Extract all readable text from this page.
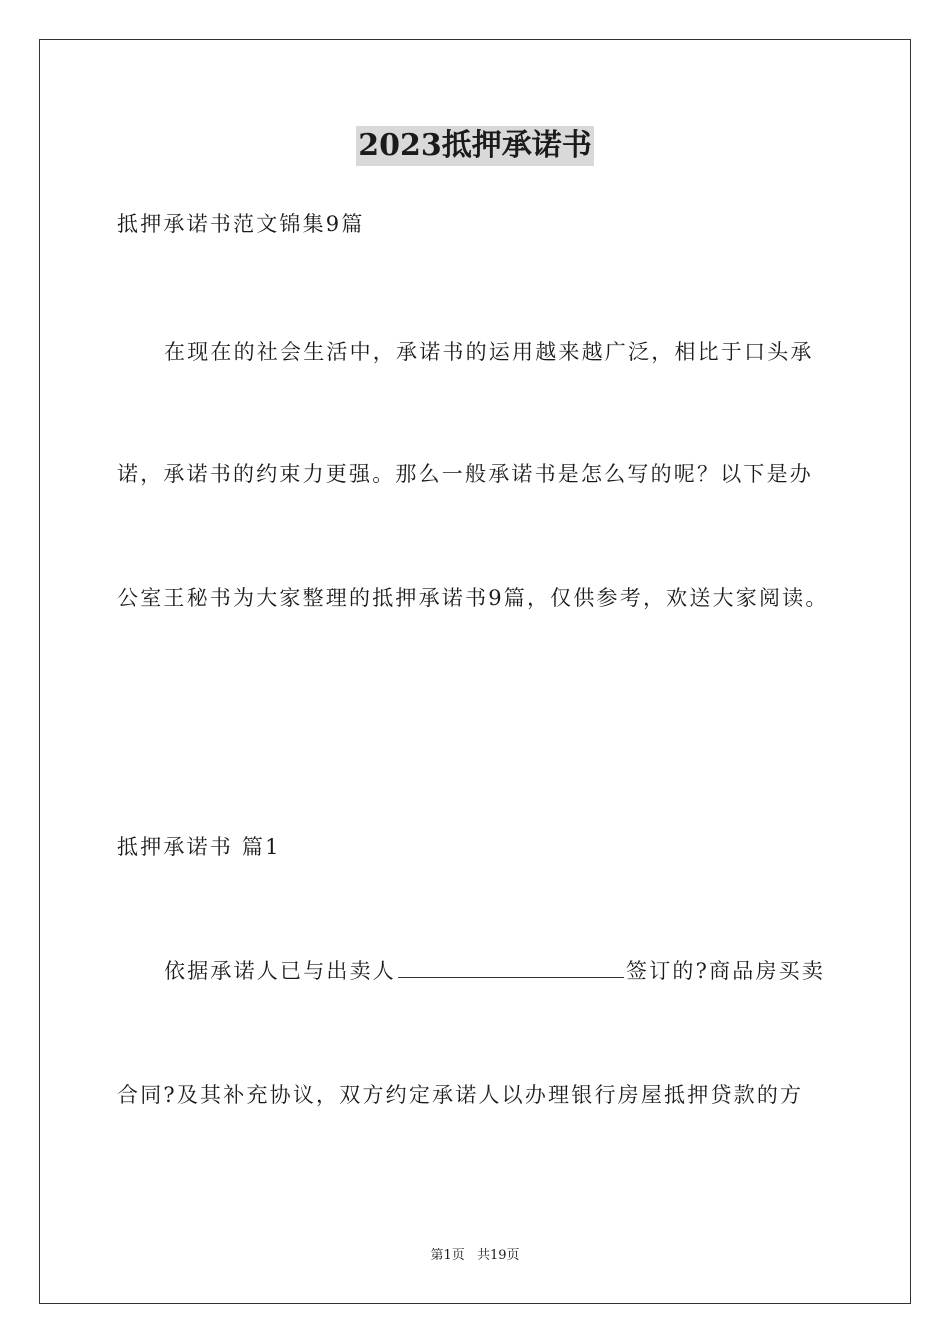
2023抵押承诺书
抵押承诺书范文锦集9篇
在现在的社会生活中，承诺书的运用越来越广泛，相比于口头承
诺，承诺书的约束力更强。那么一般承诺书是怎么写的呢？以下是办
公室王秘书为大家整理的抵押承诺书9篇，仅供参考，欢送大家阅读。
抵押承诺书 篇1
依据承诺人已与出卖人	签订的?商品房买卖
合同?及其补充协议，双方约定承诺人以办理银行房屋抵押贷款的方
第1页 共19页
